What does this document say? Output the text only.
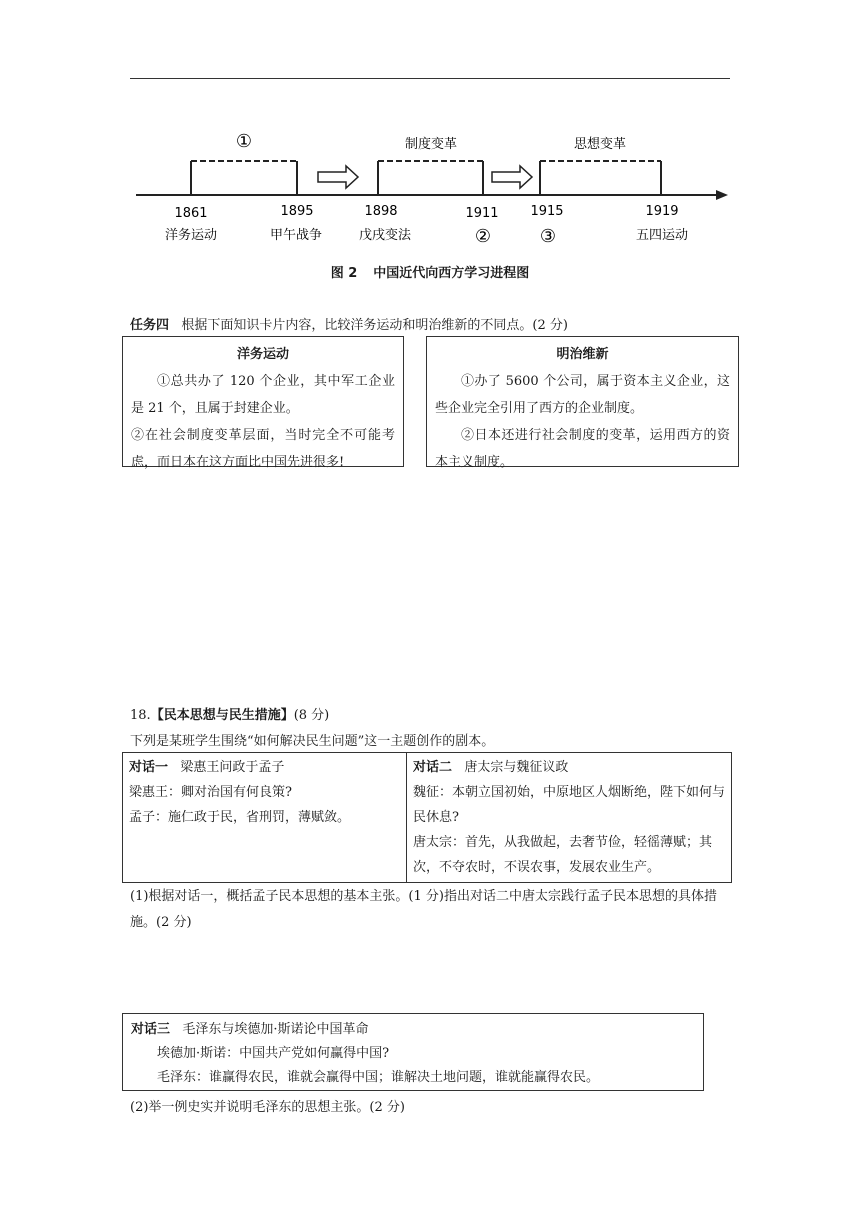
①	制度变革	思想变革
1861	1895	1898	1911 1915	1919
洋务运动	甲午战争	戊戌变法	②	③	五四运动
图 2 中国近代向西方学习进程图
任务四 根据下面知识卡片内容，比较洋务运动和明治维新的不同点。(2 分)
洋务运动

①总共办了 120 个企业，其中军工企业是 21 个，且属于封建企业。

②在社会制度变革层面，当时完全不可能考虑，而日本在这方面比中国先进很多!

明治维新

①办了 5600 个公司，属于资本主义企业，这些企业完全引用了西方的企业制度。

②日本还进行社会制度的变革，运用西方的资本主义制度。

18.【民本思想与民生措施】(8 分)
下列是某班学生围绕“如何解决民生问题”这一主题创作的剧本。
对话一 梁惠王问政于孟子
梁惠王：卿对治国有何良策?
孟子：施仁政于民，省刑罚，薄赋敛。

对话二 唐太宗与魏征议政
魏征：本朝立国初始，中原地区人烟断绝，陛下如何与民休息?
唐太宗：首先，从我做起，去奢节俭，轻徭薄赋；其次，不夺农时，不误农事，发展农业生产。
(1)根据对话一，概括孟子民本思想的基本主张。(1 分)指出对话二中唐太宗践行孟子民本思想的具体措施。(2 分)
对话三 毛泽东与埃德加·斯诺论中国革命
埃德加·斯诺：中国共产党如何赢得中国?
毛泽东：谁赢得农民，谁就会赢得中国；谁解决土地问题，谁就能赢得农民。
(2)举一例史实并说明毛泽东的思想主张。(2 分)
